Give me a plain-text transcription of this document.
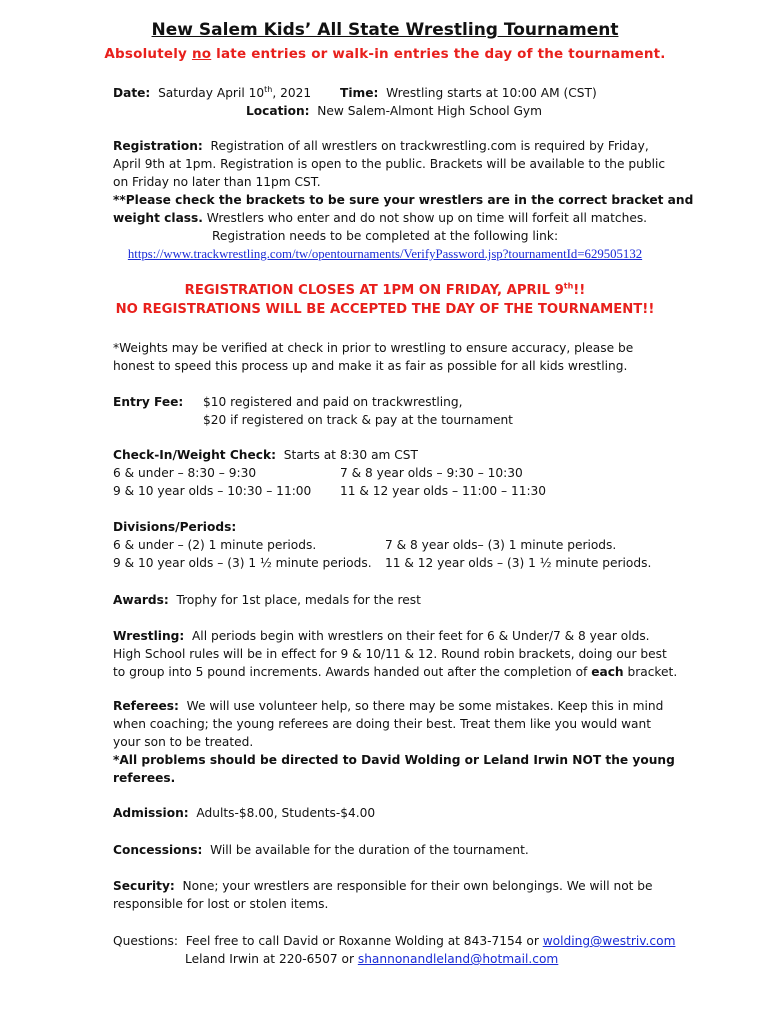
New Salem Kids’ All State Wrestling Tournament
Absolutely no late entries or walk-in entries the day of the tournament.
Date: Saturday April 10th, 2021 Time: Wrestling starts at 10:00 AM (CST)
Location: New Salem-Almont High School Gym
Registration: Registration of all wrestlers on trackwrestling.com is required by Friday,
April 9th at 1pm. Registration is open to the public. Brackets will be available to the public
on Friday no later than 11pm CST.
**Please check the brackets to be sure your wrestlers are in the correct bracket and
weight class. Wrestlers who enter and do not show up on time will forfeit all matches.
Registration needs to be completed at the following link:
https://www.trackwrestling.com/tw/opentournaments/VerifyPassword.jsp?tournamentId=629505132
REGISTRATION CLOSES AT 1PM ON FRIDAY, APRIL 9th!!
NO REGISTRATIONS WILL BE ACCEPTED THE DAY OF THE TOURNAMENT!!
*Weights may be verified at check in prior to wrestling to ensure accuracy, please be
honest to speed this process up and make it as fair as possible for all kids wrestling.
Entry Fee: $10 registered and paid on trackwrestling,
$20 if registered on track & pay at the tournament
Check-In/Weight Check: Starts at 8:30 am CST
6 & under – 8:30 – 9:30	7 & 8 year olds – 9:30 – 10:30
9 & 10 year olds – 10:30 – 11:00 11 & 12 year olds – 11:00 – 11:30
Divisions/Periods:
6 & under – (2) 1 minute periods.	7 & 8 year olds– (3) 1 minute periods.
9 & 10 year olds – (3) 1 ½ minute periods. 11 & 12 year olds – (3) 1 ½ minute periods.
Awards: Trophy for 1st place, medals for the rest
Wrestling: All periods begin with wrestlers on their feet for 6 & Under/7 & 8 year olds.
High School rules will be in effect for 9 & 10/11 & 12. Round robin brackets, doing our best
to group into 5 pound increments. Awards handed out after the completion of each bracket.
Referees: We will use volunteer help, so there may be some mistakes. Keep this in mind
when coaching; the young referees are doing their best. Treat them like you would want
your son to be treated.
*All problems should be directed to David Wolding or Leland Irwin NOT the young
referees.
Admission: Adults-$8.00, Students-$4.00
Concessions: Will be available for the duration of the tournament.
Security: None; your wrestlers are responsible for their own belongings. We will not be
responsible for lost or stolen items.
Questions: Feel free to call David or Roxanne Wolding at 843-7154 or wolding@westriv.com
Leland Irwin at 220-6507 or shannonandleland@hotmail.com
